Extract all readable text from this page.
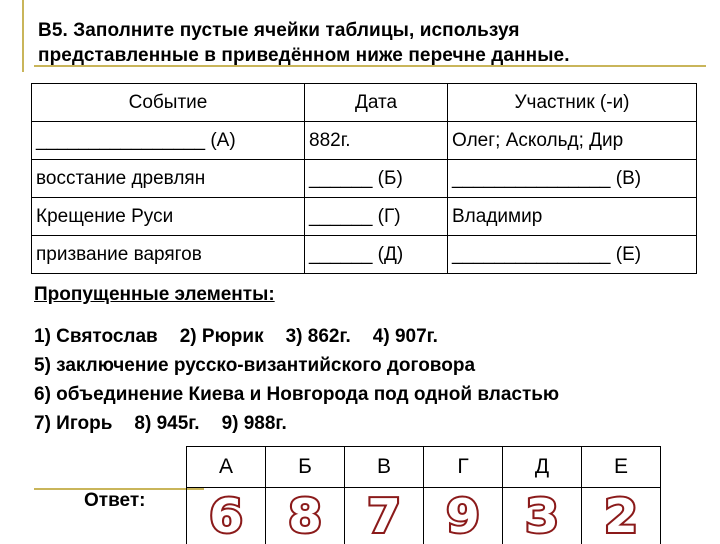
В5. Заполните пустые ячейки таблицы, используя
представленные в приведённом ниже перечне данные.
Событие	Дата	Участник (-и)
________________ (А)	882г.	Олег; Аскольд; Дир
восстание древлян	______ (Б)	_______________ (В)
Крещение Руси	______ (Г)	Владимир
призвание варягов	______ (Д)	_______________ (Е)
Пропущенные элементы:
1) Святослав 2) Рюрик 3) 862г. 4) 907г.
5) заключение русско-византийского договора
6) объединение Киева и Новгорода под одной властью
7) Игорь 8) 945г. 9) 988г.
Ответ:
А	Б	В	Г	Д	Е
6	8	7	9	3	2
